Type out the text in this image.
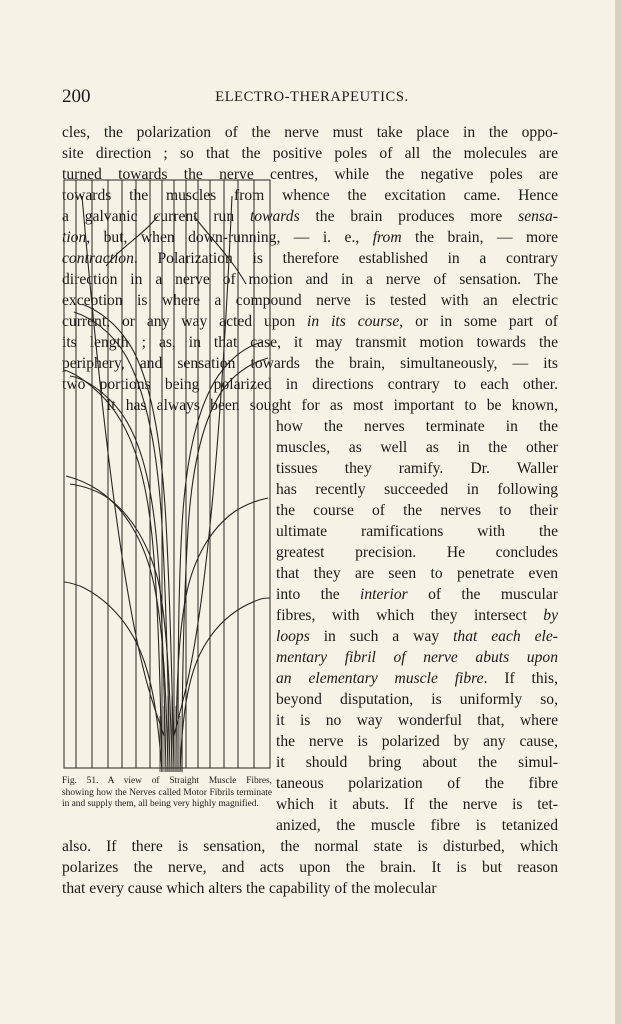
200	ELECTRO-THERAPEUTICS.
cles, the polarization of the nerve must take place in the oppo-
site direction ; so that the positive poles of all the molecules are
turned towards the nerve centres, while the negative poles are
towards the muscles from whence the excitation came. Hence
a galvanic current run towards the brain produces more sensa-
tion, but, when down-running, — i. e., from the brain, — more
contraction. Polarization is therefore established in a contrary
direction in a nerve of motion and in a nerve of sensation. The
exception is where a compound nerve is tested with an electric
current, or any way acted upon in its course, or in some part of
its length ; as, in that case, it may transmit motion towards the
periphery, and sensation towards the brain, simultaneously, — its
two portions being polarized in directions contrary to each other.
It has always been sought for as most important to be known,
how the nerves terminate in the
muscles, as well as in the other
tissues they ramify. Dr. Waller
has recently succeeded in following
the course of the nerves to their
ultimate ramifications with the
greatest precision. He concludes
that they are seen to penetrate even
into the interior of the muscular
fibres, with which they intersect by
loops in such a way that each ele-
mentary fibril of nerve abuts upon
an elementary muscle fibre. If this,
beyond disputation, is uniformly so,
it is no way wonderful that, where
the nerve is polarized by any cause,
it should bring about the simul-
taneous polarization of the fibre
which it abuts. If the nerve is tet-
anized, the muscle fibre is tetanized
also. If there is sensation, the normal state is disturbed, which
polarizes the nerve, and acts upon the brain. It is but reason
that every cause which alters the capability of the molecular
Fig. 51. A view of Straight Muscle Fibres,
showing how the Nerves called Motor Fibrils terminate in and supply them, all being very highly magnified.
